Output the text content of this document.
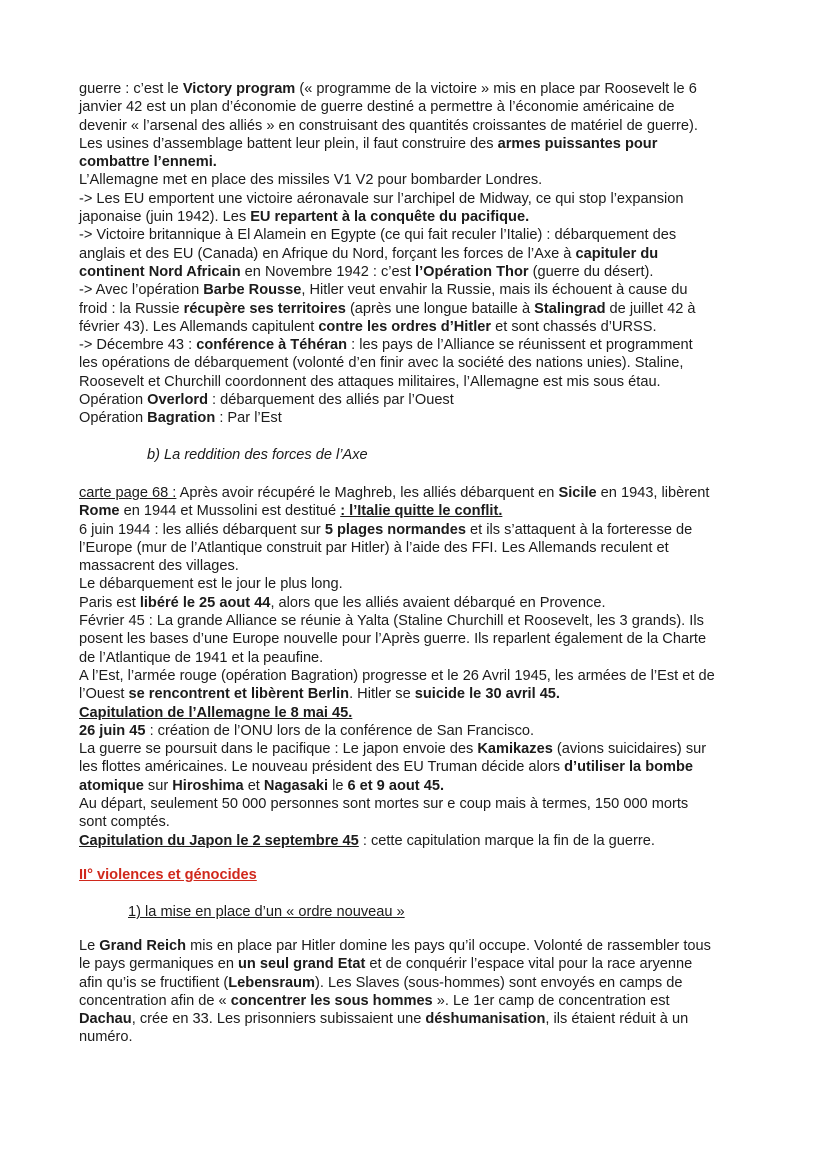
guerre : c’est le Victory program (« programme de la victoire » mis en place par Roosevelt le 6
janvier 42 est un plan d’économie de guerre destiné a permettre à l’économie américaine de
devenir « l’arsenal des alliés » en construisant des quantités croissantes de matériel de guerre).
Les usines d’assemblage battent leur plein, il faut construire des armes puissantes pour
combattre l’ennemi.
L’Allemagne met en place des missiles V1 V2 pour bombarder Londres.
-> Les EU emportent une victoire aéronavale sur l’archipel de Midway, ce qui stop l’expansion
japonaise (juin 1942). Les EU repartent à la conquête du pacifique.
-> Victoire britannique à El Alamein en Egypte (ce qui fait reculer l’Italie) : débarquement des
anglais et des EU (Canada) en Afrique du Nord, forçant les forces de l’Axe à capituler du
continent Nord Africain en Novembre 1942 : c’est l’Opération Thor (guerre du désert).
-> Avec l’opération Barbe Rousse, Hitler veut envahir la Russie, mais ils échouent à cause du
froid : la Russie récupère ses territoires (après une longue bataille à Stalingrad de juillet 42 à
février 43). Les Allemands capitulent contre les ordres d’Hitler et sont chassés d’URSS.
-> Décembre 43 : conférence à Téhéran : les pays de l’Alliance se réunissent et programment
les opérations de débarquement (volonté d’en finir avec la société des nations unies). Staline,
Roosevelt et Churchill coordonnent des attaques militaires, l’Allemagne est mis sous étau.
Opération Overlord : débarquement des alliés par l’Ouest
Opération Bagration : Par l’Est
b) La reddition des forces de l’Axe
carte page 68 : Après avoir récupéré le Maghreb, les alliés débarquent en Sicile en 1943, libèrent
Rome en 1944 et Mussolini est destitué : l’Italie quitte le conflit.
6 juin 1944 : les alliés débarquent sur 5 plages normandes et ils s’attaquent à la forteresse de
l’Europe (mur de l’Atlantique construit par Hitler) à l’aide des FFI. Les Allemands reculent et
massacrent des villages.
Le débarquement est le jour le plus long.
Paris est libéré le 25 aout 44, alors que les alliés avaient débarqué en Provence.
Février 45 : La grande Alliance se réunie à Yalta (Staline Churchill et Roosevelt, les 3 grands). Ils
posent les bases d’une Europe nouvelle pour l’Après guerre. Ils reparlent également de la Charte
de l’Atlantique de 1941 et la peaufine.
A l’Est, l’armée rouge (opération Bagration) progresse et le 26 Avril 1945, les armées de l’Est et de
l’Ouest se rencontrent et libèrent Berlin. Hitler se suicide le 30 avril 45.
Capitulation de l’Allemagne le 8 mai 45.
26 juin 45 : création de l’ONU lors de la conférence de San Francisco.
La guerre se poursuit dans le pacifique : Le japon envoie des Kamikazes (avions suicidaires) sur
les flottes américaines. Le nouveau président des EU Truman décide alors d’utiliser la bombe
atomique sur Hiroshima et Nagasaki le 6 et 9 aout 45.
Au départ, seulement 50 000 personnes sont mortes sur e coup mais à termes, 150 000 morts
sont comptés.
Capitulation du Japon le 2 septembre 45 : cette capitulation marque la fin de la guerre.
II° violences et génocides
1) la mise en place d’un « ordre nouveau »
Le Grand Reich mis en place par Hitler domine les pays qu’il occupe. Volonté de rassembler tous
le pays germaniques en un seul grand Etat et de conquérir l’espace vital pour la race aryenne
afin qu’is se fructifient (Lebensraum). Les Slaves (sous-hommes) sont envoyés en camps de
concentration afin de « concentrer les sous hommes ». Le 1er camp de concentration est
Dachau, crée en 33. Les prisonniers subissaient une déshumanisation, ils étaient réduit à un
numéro.
